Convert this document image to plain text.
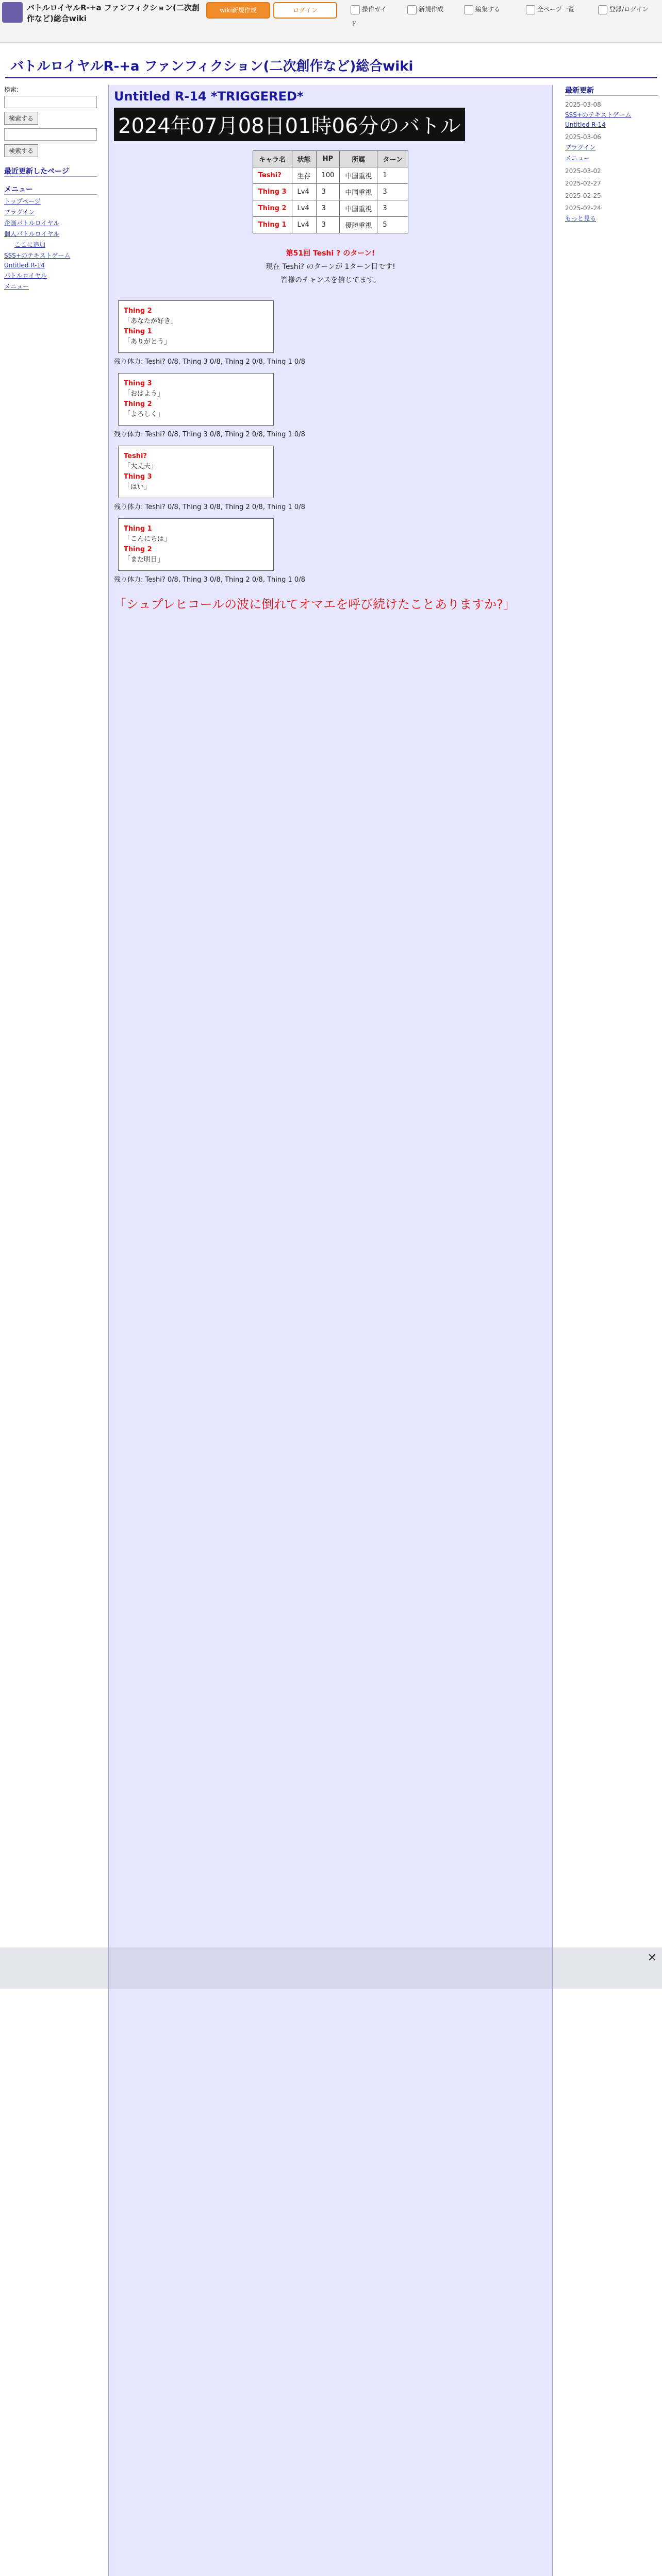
バトルロイヤルR-+a ファンフィクション(二次創作など)総合wiki
wiki新規作成	ログイン	操作ガイド
新規作成	編集する	全ページ一覧	登録/ログイン
バトルロイヤルR-+a ファンフィクション(二次創作など)総合wiki
検索:
検索する
検索する
最近更新したページ
メニュー
トップページ
プラグイン
企画バトルロイヤル
個人バトルロイヤル
ここに追加
SSS+のテキストゲーム
Untitled R-14
バトルロイヤル
メニュー
Untitled R-14 *TRIGGERED*
2024年07月08日01時06分のバトル
キャラ名	状態	HP	所属	ターン
Teshi?	生存	100	中国重視	1
Thing 3	Lv4	3	中国重視	3
Thing 2	Lv4	3	中国重視	3
Thing 1	Lv4	3	優勝重視	5
第51回 Teshi ? のターン!
現在 Teshi? のターンが 1ターン目です!
皆様のチャンスを信じてます。
Thing 2
「あなたが好き」
Thing 1
「ありがとう」
残り体力: Teshi? 0/8, Thing 3 0/8, Thing 2 0/8, Thing 1 0/8
Thing 3
「おはよう」
Thing 2
「よろしく」
残り体力: Teshi? 0/8, Thing 3 0/8, Thing 2 0/8, Thing 1 0/8
Teshi?
「大丈夫」
Thing 3
「はい」
残り体力: Teshi? 0/8, Thing 3 0/8, Thing 2 0/8, Thing 1 0/8
Thing 1
「こんにちは」
Thing 2
「また明日」
残り体力: Teshi? 0/8, Thing 3 0/8, Thing 2 0/8, Thing 1 0/8
「シュプレヒコールの波に倒れてオマエを呼び続けたことありますか?」
最新更新
2025-03-08
SSS+のテキストゲーム
Untitled R-14
2025-03-06
プラグイン
メニュー
2025-03-02
2025-02-27
2025-02-25
2025-02-24
もっと見る
✕
